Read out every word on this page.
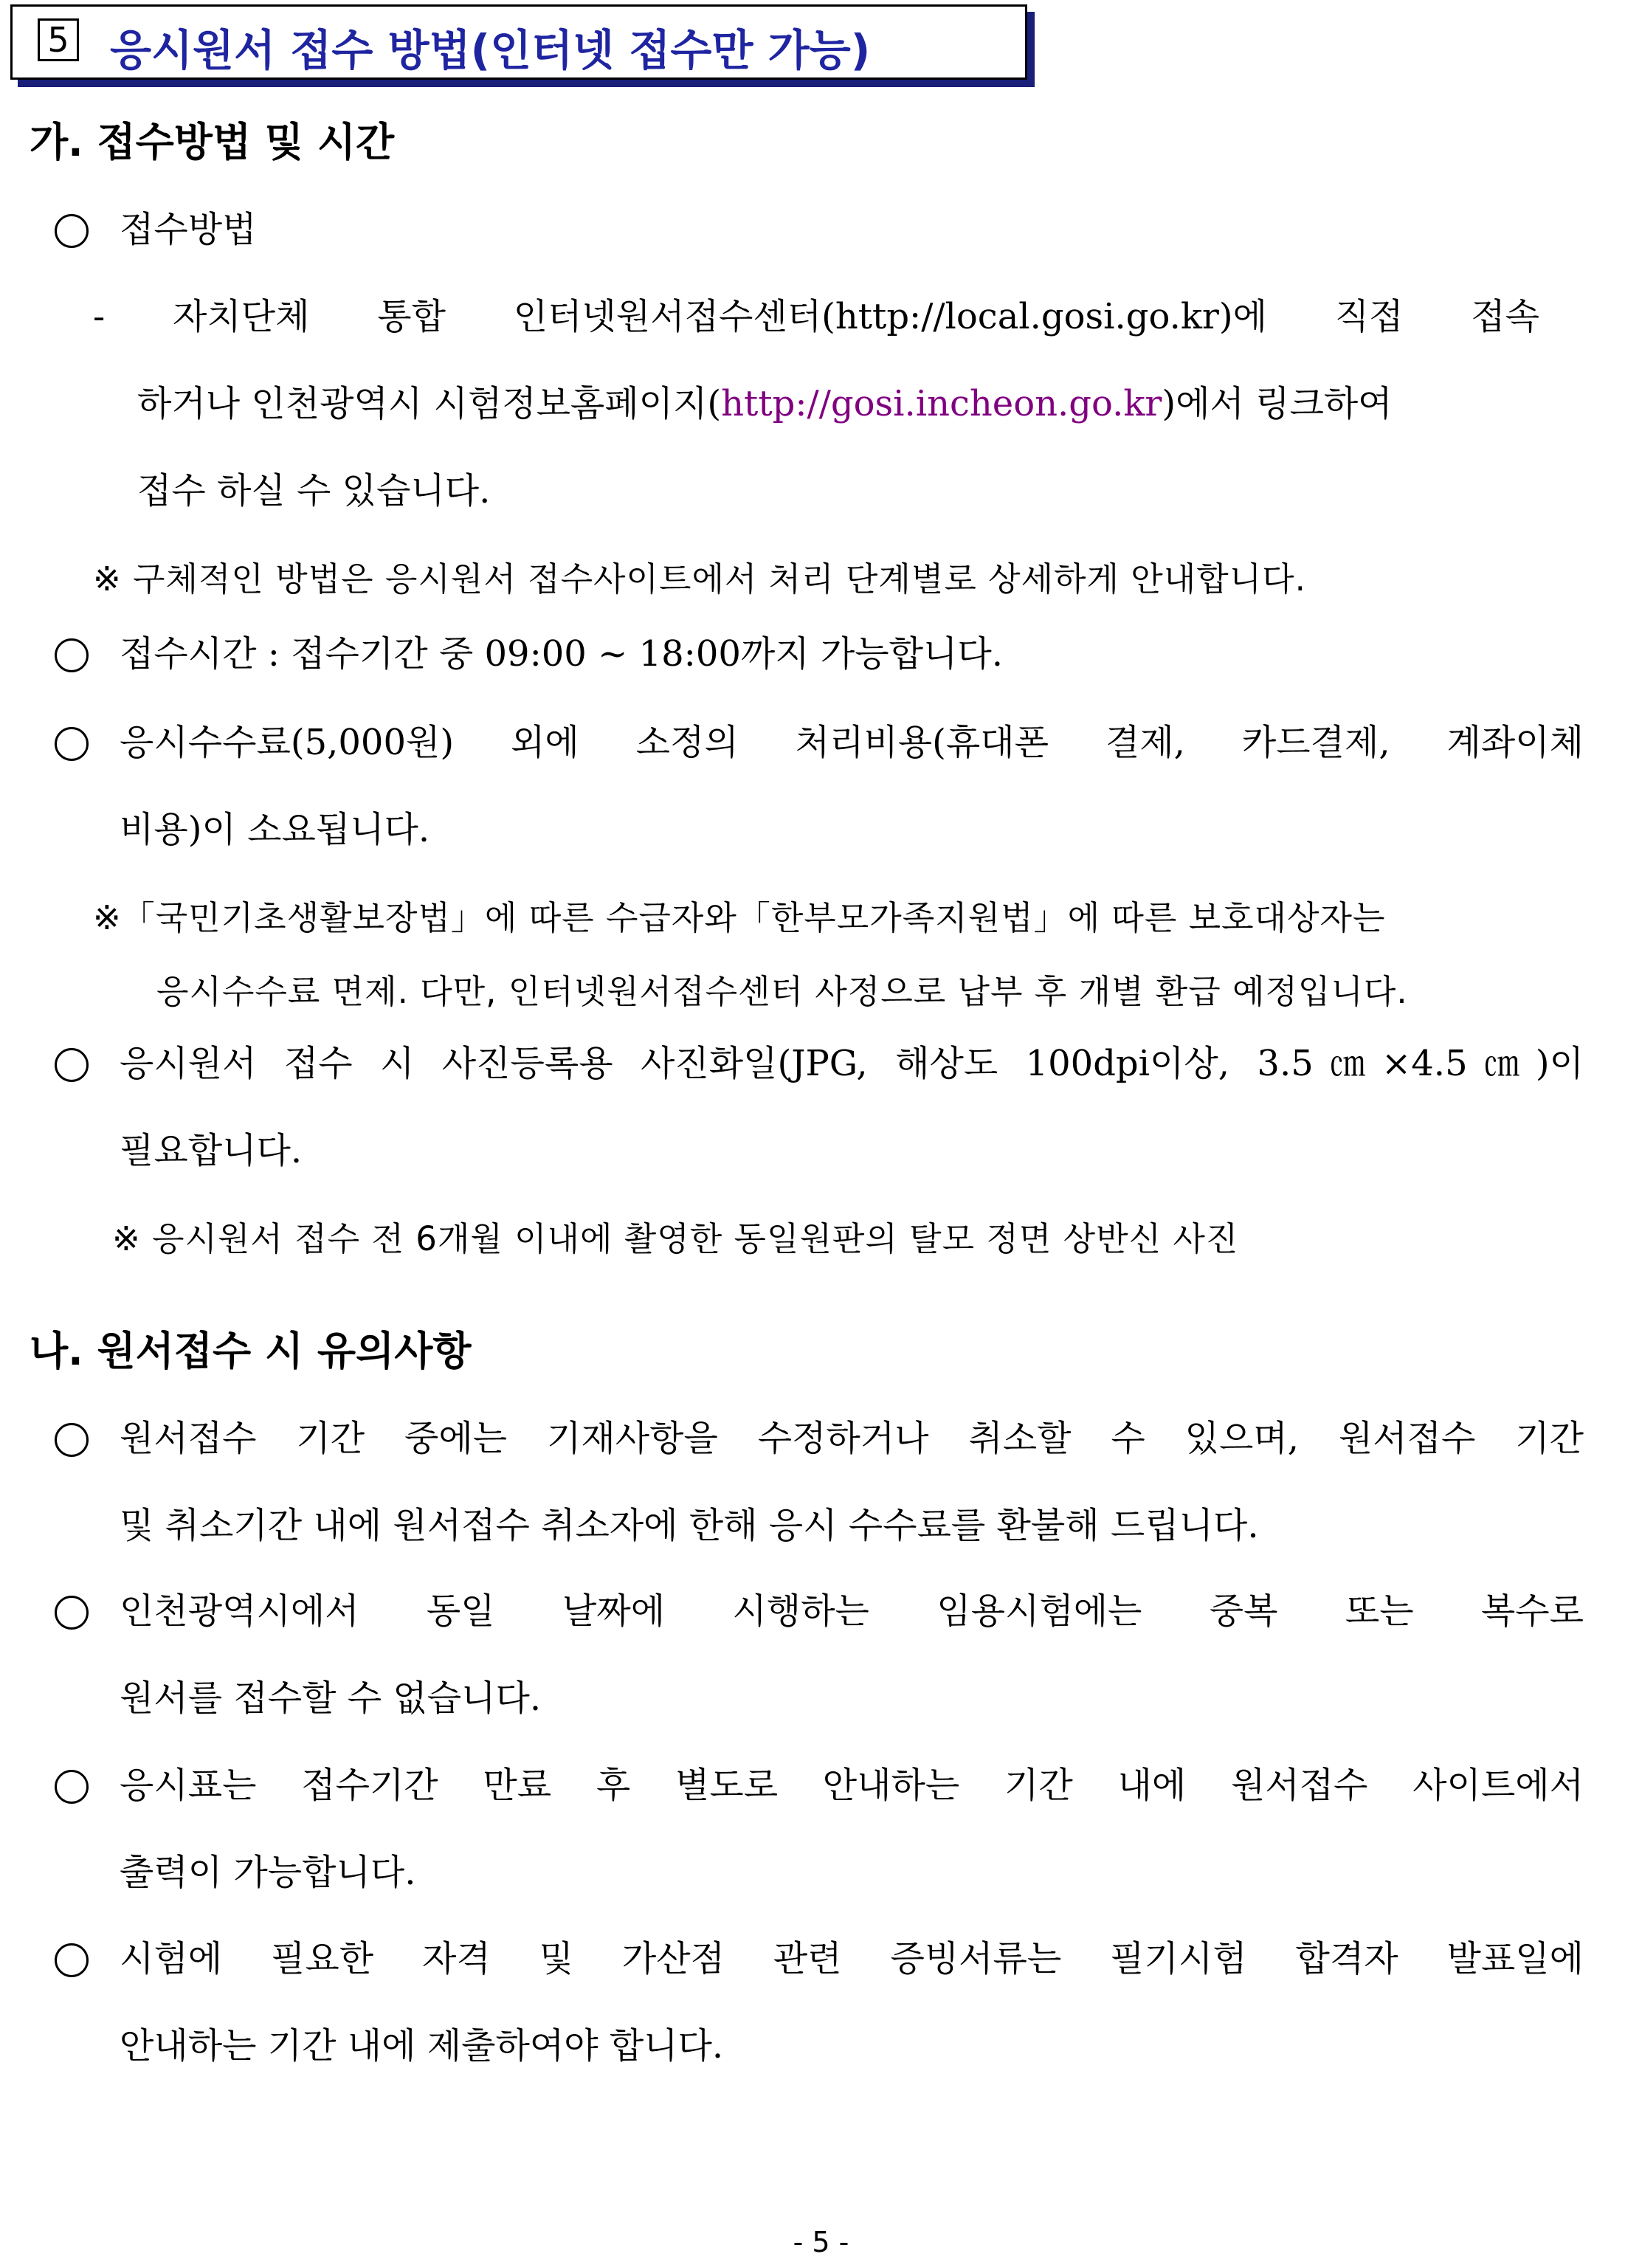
5 응시원서 접수 방법(인터넷 접수만 가능)
가. 접수방법 및 시간
접수방법
- 자치단체 통합 인터넷원서접수센터(http://local.gosi.go.kr)에 직접 접속
하거나 인천광역시 시험정보홈페이지(http://gosi.incheon.go.kr)에서 링크하여
접수 하실 수 있습니다.
※ 구체적인 방법은 응시원서 접수사이트에서 처리 단계별로 상세하게 안내합니다.
접수시간 : 접수기간 중 09:00 ~ 18:00까지 가능합니다.
응시수수료(5,000원) 외에 소정의 처리비용(휴대폰 결제, 카드결제, 계좌이체
비용)이 소요됩니다.
※「국민기초생활보장법」에 따른 수급자와「한부모가족지원법」에 따른 보호대상자는
응시수수료 면제. 다만, 인터넷원서접수센터 사정으로 납부 후 개별 환급 예정입니다.
응시원서 접수 시 사진등록용 사진화일(JPG, 해상도 100dpi이상, 3.5㎝×4.5㎝)이
필요합니다.
※ 응시원서 접수 전 6개월 이내에 촬영한 동일원판의 탈모 정면 상반신 사진
나. 원서접수 시 유의사항
원서접수 기간 중에는 기재사항을 수정하거나 취소할 수 있으며, 원서접수 기간
및 취소기간 내에 원서접수 취소자에 한해 응시 수수료를 환불해 드립니다.
인천광역시에서 동일 날짜에 시행하는 임용시험에는 중복 또는 복수로
원서를 접수할 수 없습니다.
응시표는 접수기간 만료 후 별도로 안내하는 기간 내에 원서접수 사이트에서
출력이 가능합니다.
시험에 필요한 자격 및 가산점 관련 증빙서류는 필기시험 합격자 발표일에
안내하는 기간 내에 제출하여야 합니다.
- 5 -
